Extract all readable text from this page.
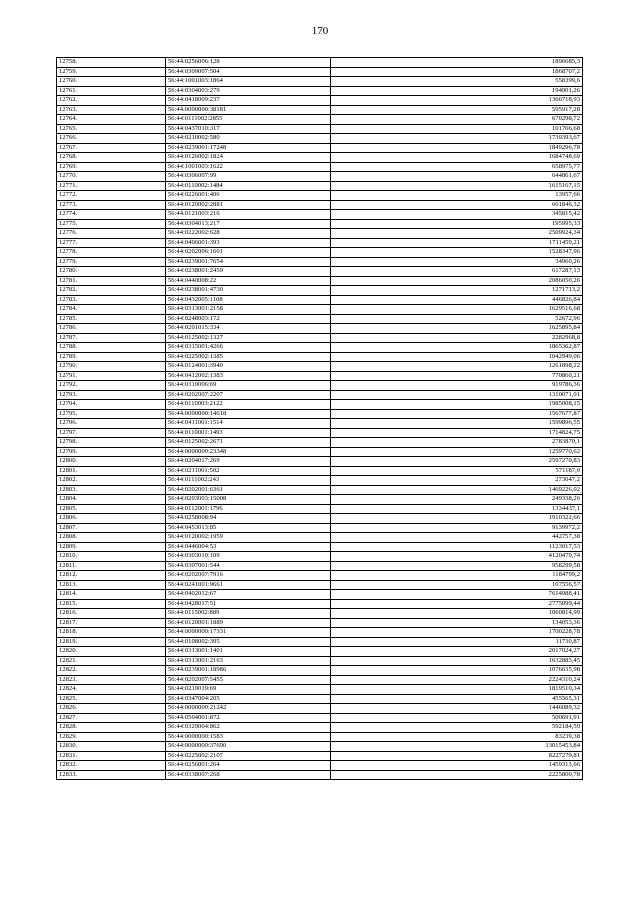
170
12758.	56:44:0256006:128	1896685,3
12759.	56:44:0309007:504	1868707,2
12760.	56:44:1001003:1864	558399,6
12761.	56:44:0304003:279	194901,26
12762.	56:44:0418009:237	1366718,93
12763.	56:44:0000000:38181	595917,28
12764.	56:44:0111002:2855	670298,72
12765.	56:44:0437010:317	101766,68
12766.	56:44:0210002:580	1739393,67
12767.	56:44:0239001:17248	1849296,78
12768.	56:44:0126002:1824	1684748,69
12769.	56:44:1001003:1622	658975,77
12770.	56:44:0306007:99	644861,67
12771.	56:44:0110002:1484	1615167,15
12772.	56:44:0226001:406	13957,66
12773.	56:44:0120002:2881	661846,32
12774.	56:44:0121003:216	345815,42
12775.	56:44:0304013:217	195995,33
12776.	56:44:0222002:628	2509924,34
12777.	56:44:0406001:393	1711459,21
12778.	56:44:0202006:1601	1528347,96
12779.	56:44:0239001:7654	34960,26
12780.	56:44:0238001:2459	617287,13
12781.	56:44:0440008:22	2086050,26
12782.	56:44:0238001:4730	1271713,2
12783.	56:44:0432005:1108	446826,84
12784.	56:44:0313001:2158	1629516,68
12785.	56:44:0248003:172	52672,96
12786.	56:44:0201015:334	1625895,84
12787.	56:44:0125002:1327	2282968,8
12788.	56:44:0315001:4266	1865362,87
12789.	56:44:0225002:1385	1042949,06
12790.	56:44:0124001:3940	1261898,22
12791.	56:44:0412002:1383	770860,21
12792.	56:44:0319006:69	919786,36
12793.	56:44:0202007:2207	1310071,01
12794.	56:44:0110003:2122	1985008,15
12795.	56:44:0000000:14618	1567677,87
12796.	56:44:0411001:1514	1599896,55
12797.	56:44:0110001:1493	1714824,75
12798.	56:44:0125002:2671	2783870,1
12799.	56:44:0000000:23348	1259770,62
12800.	56:44:0204017:269	2597270,83
12801.	56:44:0211001:502	571187,9
12802.	56:44:0111002:243	273047,2
12803.	56:44:0202001:6361	1469226,02
12804.	56:44:0203003:15008	249338,26
12805.	56:44:0112001:1796	1334437,1
12806.	56:44:0258008:94	1910322,66
12807.	56:44:0453013:85	9139972,2
12808.	56:44:0120002:1959	442757,38
12809.	56:44:0446004:53	1123017,53
12810.	56:44:0303010:109	4120479,74
12811.	56:44:0307001:544	958299,58
12812.	56:44:0202007:7916	1184799,2
12813.	56:44:0241001:9661	107556,57
12814.	56:44:0402012:67	7614988,41
12815.	56:44:0428017:51	2775099,44
12816.	56:44:0115002:889	1060814,99
12817.	56:44:0120001:1889	134053,36
12818.	56:44:0000000:17331	1700228,78
12819.	56:44:0108002:395	11730,87
12820.	56:44:0313001:1401	2017024,27
12821.	56:44:0313001:2163	1632883,45
12822.	56:44:0239001:18986	1076635,98
12823.	56:44:0202007:5455	2224310,24
12824.	56:44:0219019:69	1819510,34
12825.	56:44:0347004:205	455565,31
12826.	56:44:0000000:21242	1446089,32
12827.	56:44:0504001:872	500691,91
12828.	56:44:0329004:862	592184,59
12829.	56:44:0000000:1583	83239,38
12830.	56:44:0000000:37690	13015453,84
12831.	56:44:0225002:2107	8227279,81
12832.	56:44:0256001:264	1459313,66
12833.	56:44:0338007:268	2225800,78
